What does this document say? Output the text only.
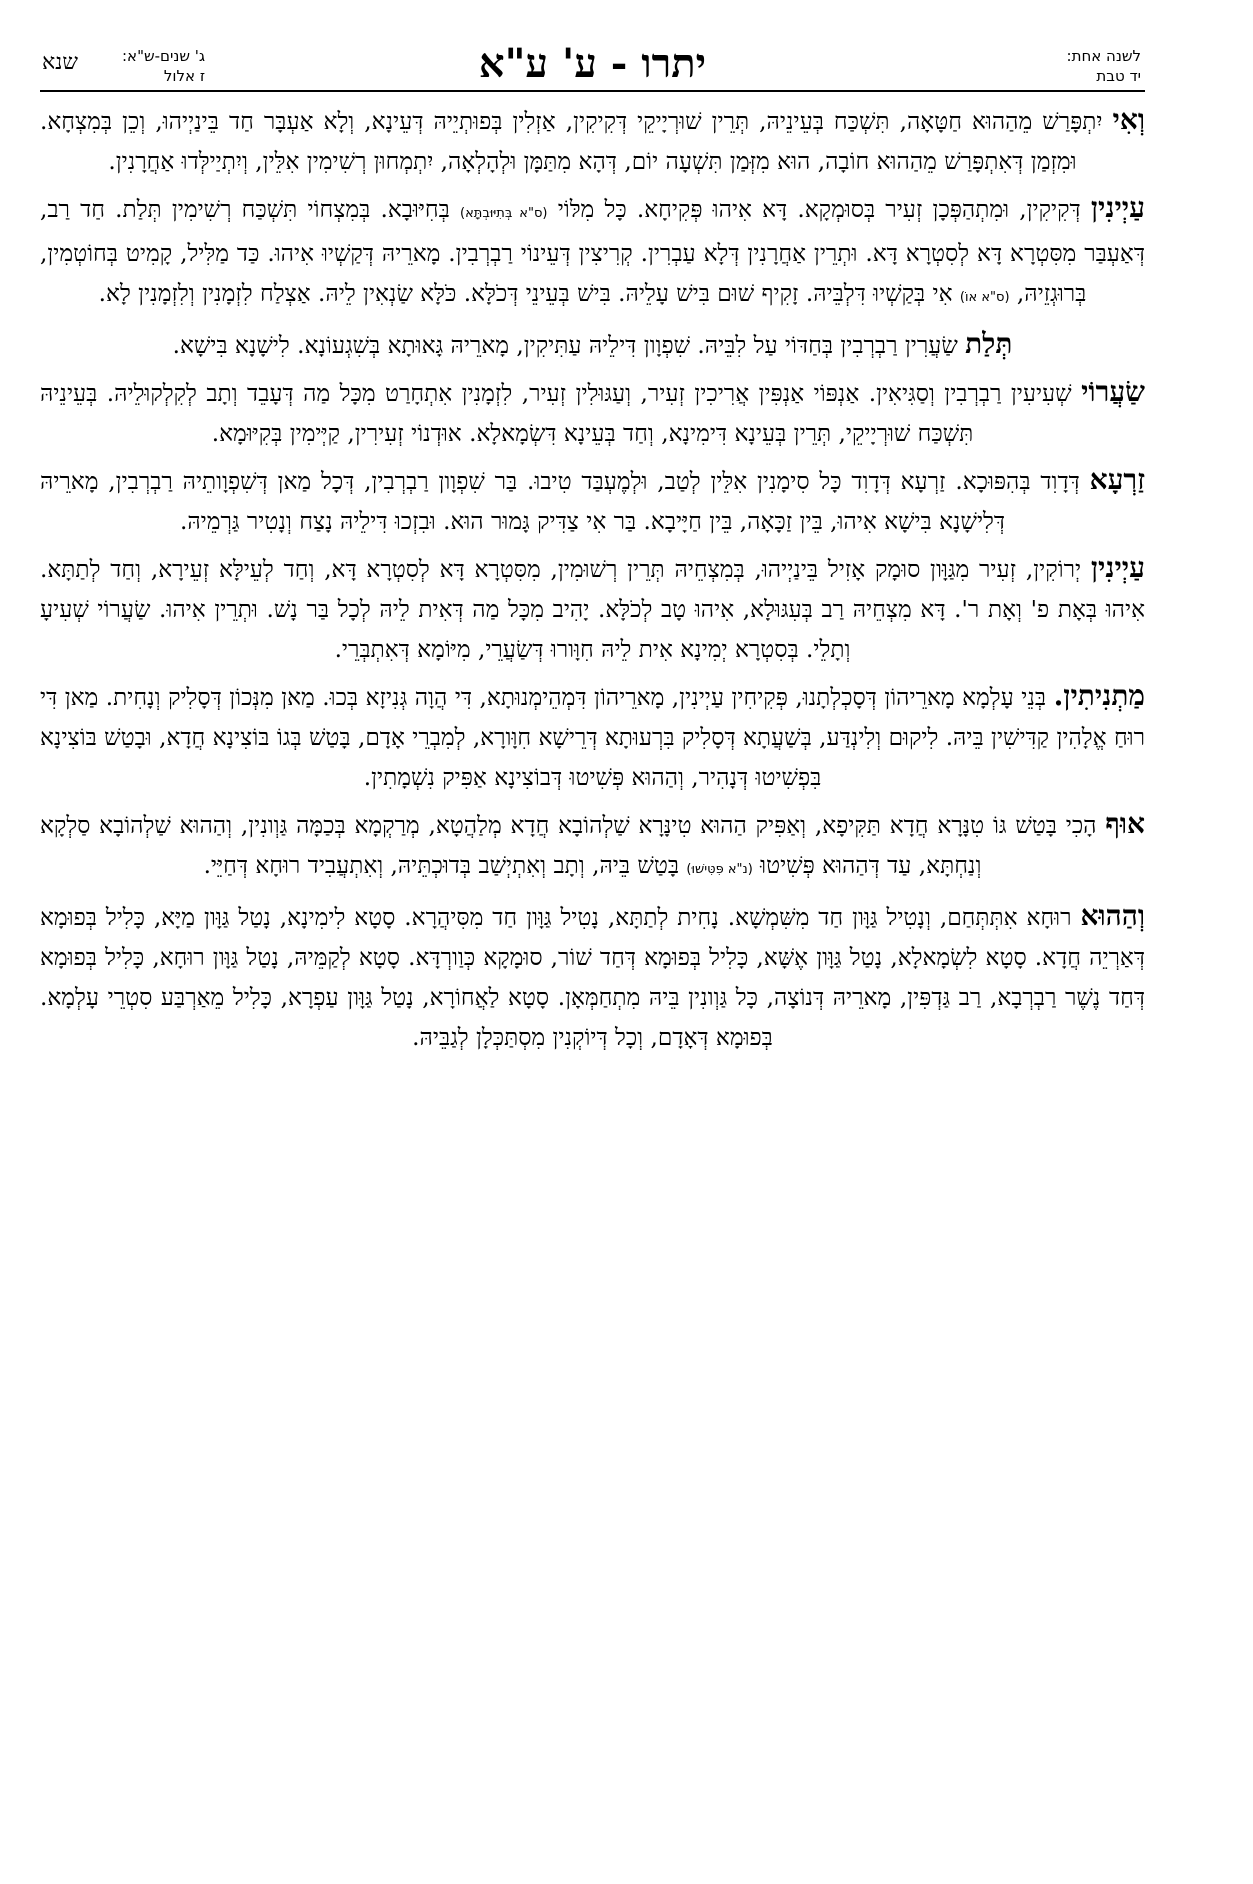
לשנה אחת:
יד טבת
יתרו - ע' ע"א
ג' שנים-ש"א:
ז אלול
שנא

וְאִי יִתְפָּרַשׁ מֵהַהוּא חַטָּאָה, תִּשְׁכַּח בְּעֵינֵיהּ, תְּרֵין שׁוּרְיָיקֵי דְּקִיקִין, אַזְלִין בְּפוּתְיֵיהּ דְּעֵינָא, וְלָא אַעְבָּר חַד בֵּינַיְיהוּ, וְכֵן בְּמִצְחָא. וּמִזְמַן דְּאִתְפָּרַשׁ מֵהַהוּא חוֹבָה, הוּא מִזְּמַן תִּשְׁעָה יוֹם, דְּהָא מִתַּמָּן וּלְהָלְאָה, יִתְמְחוּן רְשִׁימִין אִלֵּין, וְיִתְיַילְּדוּ אַחֲרָנִין.

עַיְינִין דְּקִיקִין, וּמִתְהַפְּכָן זְעִיר בְּסוּמְקָא. דָּא אִיהוּ פְּקִיחָא. כָּל מִלּוֹי (ס"א בְּתִיּוּבְתָּא) בְּחִיּוּבָא. בְּמִצְחוֹי תִּשְׁכַּח רְשִׁימִין תְּלַת. חַד רַב, דְּאַעְבַּר מִסִּטְרָא דָּא לְסִטְרָא דָּא. וּתְרֵין אַחֲרָנִין דְּלָא עַבְרִין. קְרִיצִין דְּעֵינוֹי רַבְרְבִין. מָארֵיהּ דְּקַשְׁיוּ אִיהוּ. כַּד מַלִּיל, קָמִיט בְּחוֹטְמִין, בְּרוּגְזֵיהּ, (ס"א אוֹ) אִי בְּקַשְׁיוּ דִּלְבֵּיהּ. זָקִיף שׁוּם בִּישׁ עָלֵיהּ. בִּישׁ בְּעֵינֵי דְּכֹלָּא. כֹּלָּא שַׂנְאִין לֵיהּ. אַצְלַח לִזְמָנִין וְלִזְמָנִין לָא.

תְּלַת שַׂעֲרִין רַבְרְבִין בְּחַדּוֹי עַל לִבֵּיהּ. שִׁפְוָון דִּילֵיהּ עַתִּיקִין, מָארֵיהּ גָּאוּתָא בְּשִׁגְעוֹנָא. לִישָׁנָא בִּישָׁא.

שַׂעֲרוֹי שְׁעִיעִין רַבְרְבִין וְסַגִּיאִין. אַנְפּוֹי אַנְפִּין אֲרִיכִין זְעִיר, וְעַגּוּלִין זְעִיר, לִזְמָנִין אִתְחָרַט מִכָּל מַה דְּעָבֵד וְתָב לְקִלְקוּלֵיהּ. בְּעֵינֵיהּ תִּשְׁכַּח שׁוּרְיָיקֵי, תְּרֵין בְּעֵינָא דִּימִינָא, וְחַד בְּעֵינָא דִּשְׂמָאלָא. אוּדְנוֹי זְעִירִין, קַיְּימִין בְּקִיּוּמָא.

זַרְעָא דְּדָוִד בְּהִפּוּכָא. זַרְעָא דְּדָוִד כָּל סִימָנִין אִלֵּין לְטַב, וּלְמֶעְבַּד טִיבוּ. בַּר שִׁפְוָון רַבְרְבִין, דְּכָל מַאן דְּשִׁפְוָותֵיהּ רַבְרְבִין, מָארֵיהּ דְּלִישָׁנָא בִּישָׁא אִיהוּ, בֵּין זַכָּאָה, בֵּין חַיָּיבָא. בַּר אִי צַדִּיק גָּמוּר הוּא. וּבִזְכוּ דִּילֵיהּ נָצַח וְנָטִיר גַּרְמֵיהּ.

עַיְינִין יְרוֹקִין, זְעִיר מִגַּוָּון סוּמָק אָזִיל בֵּינַיְיהוּ, בְּמִצְחֵיהּ תְּרֵין רְשׁוּמִין, מִסִּטְרָא דָּא לְסִטְרָא דָּא, וְחַד לְעֵילָּא זְעֵירָא, וְחַד לְתַתָּא. אִיהוּ בְּאָת פ' וְאָת ר'. דָּא מִצְחֵיהּ רַב בְּעִגּוּלָא, אִיהוּ טָב לְכֹלָּא. יָהִיב מִכָּל מַה דְּאִית לֵיהּ לְכָל בַּר נָשׁ. וּתְרֵין אִיהוּ. שַׂעֲרוֹי שְׁעִיעָ וְתָלֵי. בְּסִטְרָא יְמִינָא אִית לֵיהּ חִוָּורוּ דְּשַׂעֲרֵי, מִיּוֹמָא דְּאִתְבְּרֵי.

מַתְנִיתִין. בְּנֵי עָלְמָא מָארֵיהוֹן דְּסָכְלְתָנוּ, פְּקִיחִין עַיְינִין, מָארֵיהוֹן דִּמְהֵימְנוּתָא, דִּי הֲוָה גְּנִיזָא בְּכוּ. מַאן מִנְּכוֹן דְּסָלִיק וְנָחִית. מַאן דִּי רוּחַ אֱלָהִין קַדִּישִׁין בֵּיהּ. לִיקוּם וְלִינְדַּע, בְּשַׁעֲתָא דְּסָלִיק בִּרְעוּתָא דְּרֵישָׁא חִוָּורָא, לְמִבְרֵי אָדָם, בָּטַשׁ בְּגוֹ בּוֹצִינָא חֲדָא, וּבָטַשׁ בּוֹצִינָא בִּפְשִׁיטוּ דְּנָהִיר, וְהַהוּא פְּשִׁיטוּ דְּבוֹצִינָא אַפִּיק נִשְׁמָתִין.

אוּף הָכִי בָּטַשׁ גּוֹ טִנָּרָא חֲדָא תַּקִּיפָא, וְאַפִּיק הַהוּא טִינָּרָא שַׁלְהוֹבָא חֲדָא מְלַהֲטָא, מְרַקְמָא בְּכַמָּה גַּוְונִין, וְהַהוּא שַׁלְהוֹבָא סַלְקָא וְנַחְתָּא, עַד דְּהַהוּא פְּשִׁיטוּ (נ"א פִּטִּישׁוּ) בָּטַשׁ בֵּיהּ, וְתָב וְאִתְיְשַׁב בְּדוּכְתֵּיהּ, וְאִתְעֲבִיד רוּחָא דְּחַיֵּי.

וְהַהוּא רוּחָא אִתְּתְּחַם, וְנָטִיל גַּוָּון חַד מִשִּׁמְשָׁא. נָחִית לְתַתָּא, נָטִיל גַּוָּון חַד מִסִּיהֲרָא. סָטָא לִימִינָא, נָטַל גַּוָּון מַיָּא, כָּלִיל בְּפוּמָא דְּאַרְיֵה חֲדָא. סָטָא לִשְׂמָאלָא, נָטַל גַּוָּון אֶשָּׁא, כָּלִיל בְּפוּמָא דְּחַד שׁוֹר, סוּמָקָא כְּוַורְדָּא. סָטָא לְקַמֵּיהּ, נָטַל גַּוָּון רוּחָא, כָּלִיל בְּפוּמָא דְּחַד נֶשֶׁר רַבְרְבָא, רַב גַּדְפִּין, מָארֵיהּ דְּנוֹצָה, כָּל גַּוְונִין בֵּיהּ מִתְחַמְּאָן. סָטָא לַאֲחוֹרָא, נָטַל גַּוָּון עַפְרָא, כָּלִיל מֵאַרְבַּע סִטְרֵי עָלְמָא. בְּפוּמָא דְּאָדָם, וְכָל דְּיוֹקְנִין מִסְתַּכְּלָן לְגַבֵּיהּ.
